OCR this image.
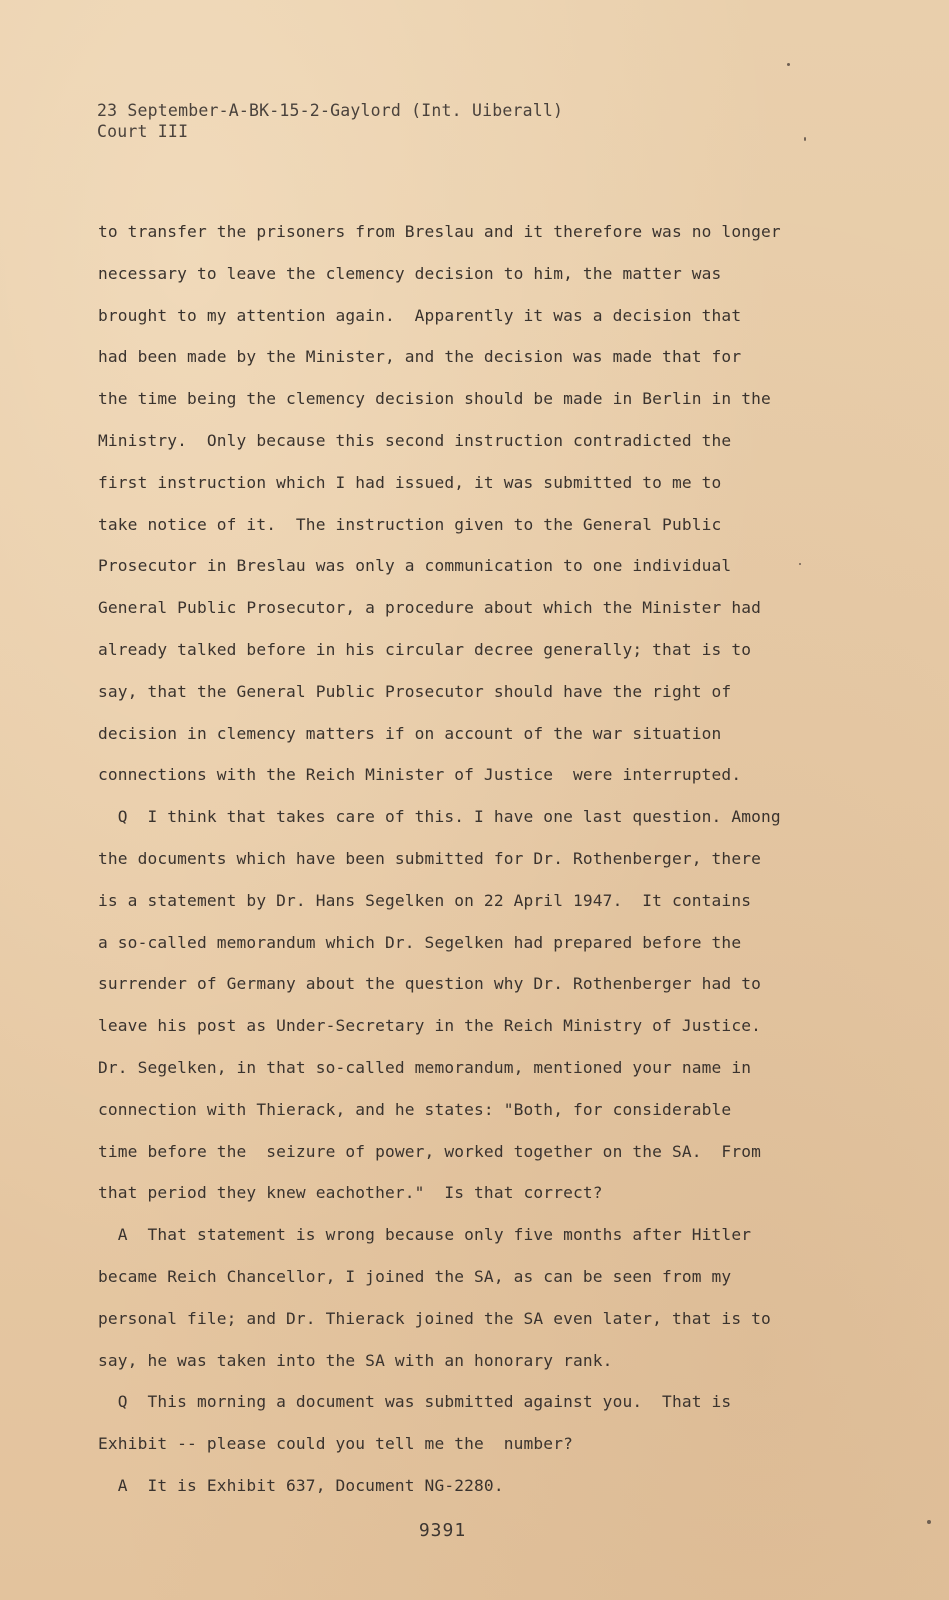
23 September-A-BK-15-2-Gaylord (Int. Uiberall)
Court III
to transfer the prisoners from Breslau and it therefore was no longer
necessary to leave the clemency decision to him, the matter was
brought to my attention again.  Apparently it was a decision that
had been made by the Minister, and the decision was made that for
the time being the clemency decision should be made in Berlin in the
Ministry.  Only because this second instruction contradicted the
first instruction which I had issued, it was submitted to me to
take notice of it.  The instruction given to the General Public
Prosecutor in Breslau was only a communication to one individual
General Public Prosecutor, a procedure about which the Minister had
already talked before in his circular decree generally; that is to
say, that the General Public Prosecutor should have the right of
decision in clemency matters if on account of the war situation
connections with the Reich Minister of Justice  were interrupted.
Q  I think that takes care of this. I have one last question. Among
the documents which have been submitted for Dr. Rothenberger, there
is a statement by Dr. Hans Segelken on 22 April 1947.  It contains
a so-called memorandum which Dr. Segelken had prepared before the
surrender of Germany about the question why Dr. Rothenberger had to
leave his post as Under-Secretary in the Reich Ministry of Justice.
Dr. Segelken, in that so-called memorandum, mentioned your name in
connection with Thierack, and he states: "Both, for considerable
time before the  seizure of power, worked together on the SA.  From
that period they knew eachother."  Is that correct?
A  That statement is wrong because only five months after Hitler
became Reich Chancellor, I joined the SA, as can be seen from my
personal file; and Dr. Thierack joined the SA even later, that is to
say, he was taken into the SA with an honorary rank.
Q  This morning a document was submitted against you.  That is
Exhibit -- please could you tell me the  number?
A  It is Exhibit 637, Document NG-2280.
9391
